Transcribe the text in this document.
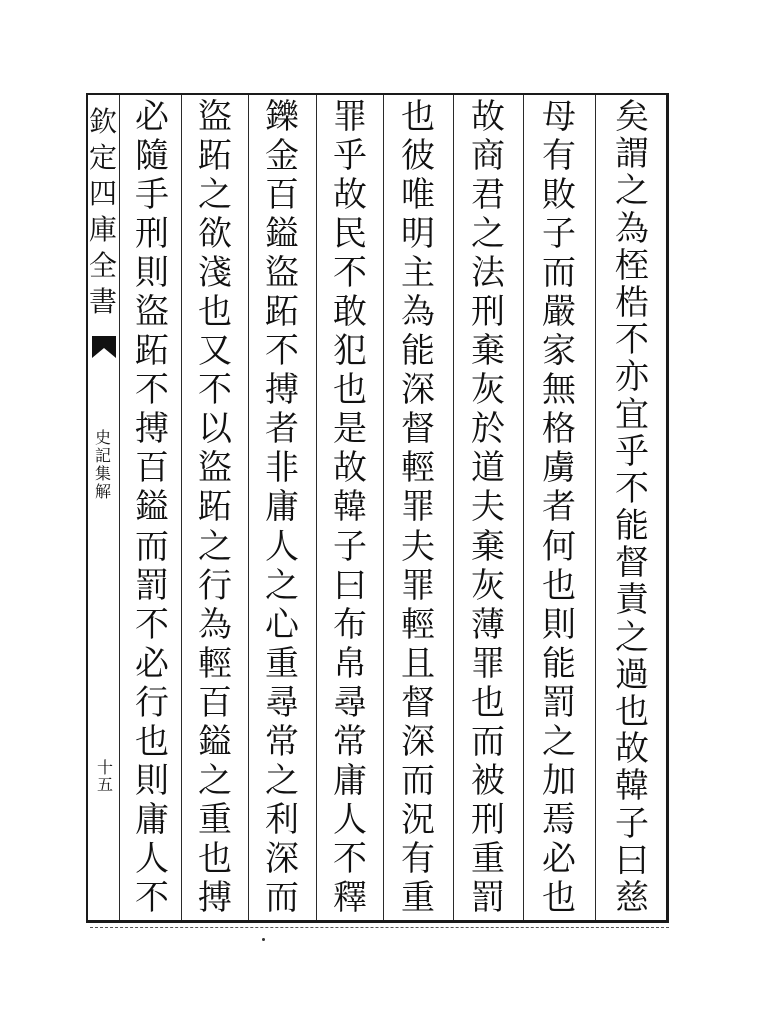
欽
定
四
庫
全
書
史
記
集
解
十
五
矣
謂
之
為
桎
梏
不
亦
宜
乎
不
能
督
責
之
過
也
故
韓
子
曰
慈
母
有
敗
子
而
嚴
家
無
格
虜
者
何
也
則
能
罰
之
加
焉
必
也
故
商
君
之
法
刑
棄
灰
於
道
夫
棄
灰
薄
罪
也
而
被
刑
重
罰
也
彼
唯
明
主
為
能
深
督
輕
罪
夫
罪
輕
且
督
深
而
況
有
重
罪
乎
故
民
不
敢
犯
也
是
故
韓
子
曰
布
帛
尋
常
庸
人
不
釋
鑠
金
百
鎰
盜
跖
不
搏
者
非
庸
人
之
心
重
尋
常
之
利
深
而
盜
跖
之
欲
淺
也
又
不
以
盜
跖
之
行
為
輕
百
鎰
之
重
也
搏
必
隨
手
刑
則
盜
跖
不
搏
百
鎰
而
罰
不
必
行
也
則
庸
人
不
